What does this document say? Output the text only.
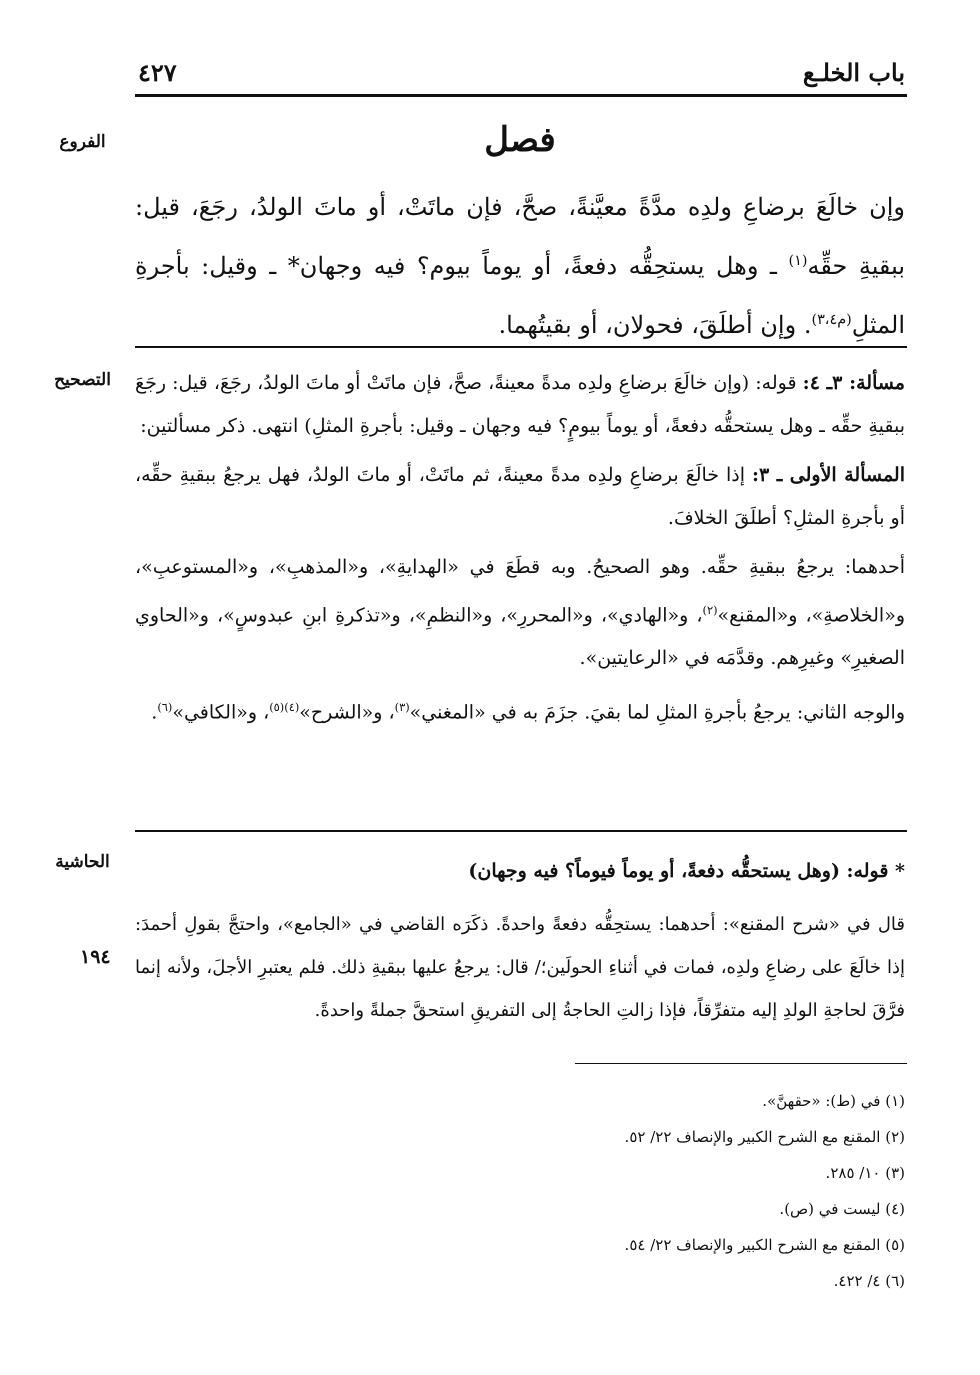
باب الخلـع
٤٢٧
فصل
الفروع
التصحيح
الحاشية
وإن خالَعَ برضاعِ ولدِه مدَّةً معيَّنةً، صحَّ، فإن ماتَتْ، أو ماتَ الولدُ، رجَعَ، قيل: ببقيةِ حقِّه$^{(١)}$ ـ وهل يستحِقُّه دفعةً، أو يوماً بيوم؟ فيه وجهان* ـ وقيل: بأجرةِ المثلِ$^{(م٣،٤)}$. وإن أطلَقَ، فحولان، أو بقيتُهما.

مسألة: ٣ـ ٤: قوله: (وإن خالَعَ برضاعِ ولدِه مدةً معينةً، صحَّ، فإن ماتَتْ أو ماتَ الولدُ، رجَعَ، قيل: رجَعَ ببقيةِ حقِّه ـ وهل يستحقُّه دفعةً، أو يوماً بيومٍ؟ فيه وجهان ـ وقيل: بأجرةِ المثلِ) انتهى. ذكر مسألتين:

المسألة الأولى ـ ٣: إذا خالَعَ برضاعِ ولدِه مدةً معينةً، ثم ماتَتْ، أو ماتَ الولدُ، فهل يرجعُ ببقيةِ حقِّه، أو بأجرةِ المثلِ؟ أطلَقَ الخلافَ.

أحدهما: يرجعُ ببقيةِ حقِّه. وهو الصحيحُ. وبه قطَعَ في «الهدايةِ»، و«المذهبِ»، و«المستوعبِ»، و«الخلاصةِ»، و«المقنع»$^{(٢)}$، و«الهادي»، و«المحررِ»، و«النظمِ»، و«تذكرةِ ابنِ عبدوسٍ»، و«الحاوي الصغيرِ» وغيرِهم. وقدَّمَه في «الرعايتين».

والوجه الثاني: يرجعُ بأجرةِ المثلِ لما بقيَ. جزَمَ به في «المغني»$^{(٣)}$، و«الشرح»$^{(٤)(٥)}$، و«الكافي»$^{(٦)}$.

١٩٤

* قوله: (وهل يستحقُّه دفعةً، أو يوماً فيوماً؟ فيه وجهان)

قال في «شرح المقنع»: أحدهما: يستحِقُّه دفعةً واحدةً. ذكَرَه القاضي في «الجامع»، واحتجَّ بقولِ أحمدَ: إذا خالَعَ على رضاعِ ولدِه، فمات في أثناءِ الحولَين؛/ قال: يرجعُ عليها ببقيةِ ذلك. فلم يعتبرِ الأجلَ، ولأنه إنما فرَّقَ لحاجةِ الولدِ إليه متفرِّقاً، فإذا زالتِ الحاجةُ إلى التفريقِ استحقَّ جملةً واحدةً.

(١) في (ط): «حقهنَّ».
(٢) المقنع مع الشرح الكبير والإنصاف ٢٢/ ٥٢.
(٣) ١٠/ ٢٨٥.
(٤) ليست في (ص).
(٥) المقنع مع الشرح الكبير والإنصاف ٢٢/ ٥٤.
(٦) ٤/ ٤٢٢.
